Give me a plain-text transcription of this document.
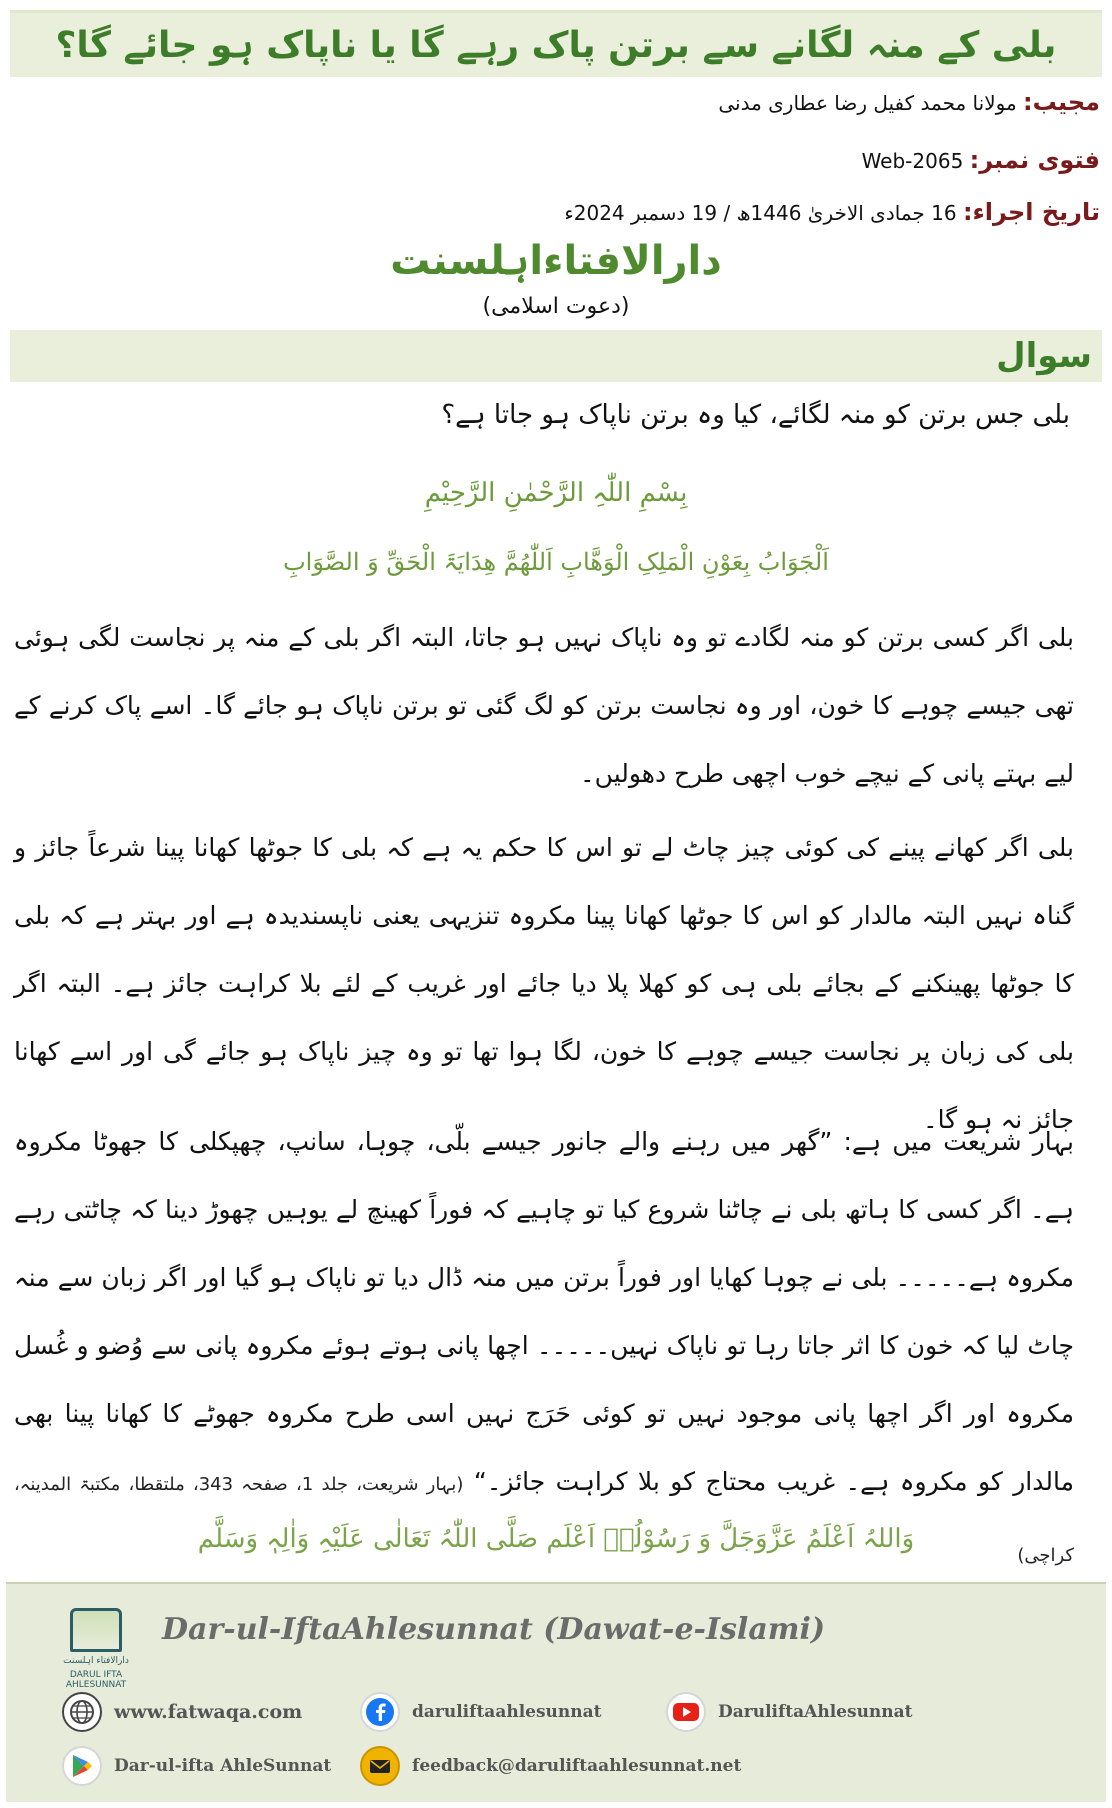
بلی کے منہ لگانے سے برتن پاک رہے گا یا ناپاک ہو جائے گا؟
مجیب: مولانا محمد کفیل رضا عطاری مدنی
فتوی نمبر: Web-2065
تاریخ اجراء: 16 جمادی الاخریٰ 1446ھ / 19 دسمبر 2024ء
دارالافتاءاہلسنت
(دعوت اسلامی)
سوال
بلی جس برتن کو منہ لگائے، کیا وہ برتن ناپاک ہو جاتا ہے؟
بِسْمِ اللّٰہِ الرَّحْمٰنِ الرَّحِیْمِ
اَلْجَوَابُ بِعَوْنِ الْمَلِکِ الْوَھَّابِ اَللّٰھُمَّ ھِدَایَۃَ الْحَقِّ وَ الصَّوَابِ
بلی اگر کسی برتن کو منہ لگادے تو وہ ناپاک نہیں ہو جاتا، البتہ اگر بلی کے منہ پر نجاست لگی ہوئی تھی جیسے چوہے کا خون، اور وہ نجاست برتن کو لگ گئی تو برتن ناپاک ہو جائے گا۔ اسے پاک کرنے کے لیے بہتے پانی کے نیچے خوب اچھی طرح دھولیں۔
بلی اگر کھانے پینے کی کوئی چیز چاٹ لے تو اس کا حکم یہ ہے کہ بلی کا جوٹھا کھانا پینا شرعاً جائز و گناہ نہیں البتہ مالدار کو اس کا جوٹھا کھانا پینا مکروہ تنزیہی یعنی ناپسندیدہ ہے اور بہتر ہے کہ بلی کا جوٹھا پھینکنے کے بجائے بلی ہی کو کھلا پلا دیا جائے اور غریب کے لئے بلا کراہت جائز ہے۔ البتہ اگر بلی کی زبان پر نجاست جیسے چوہے کا خون، لگا ہوا تھا تو وہ چیز ناپاک ہو جائے گی اور اسے کھانا جائز نہ ہو گا۔
بہار شریعت میں ہے: ”گھر میں رہنے والے جانور جیسے بلّی، چوہا، سانپ، چھپکلی کا جھوٹا مکروہ ہے۔ اگر کسی کا ہاتھ بلی نے چاٹنا شروع کیا تو چاہیے کہ فوراً کھینچ لے یوہیں چھوڑ دینا کہ چاٹتی رہے مکروہ ہے۔۔۔۔۔ بلی نے چوہا کھایا اور فوراً برتن میں منہ ڈال دیا تو ناپاک ہو گیا اور اگر زبان سے منہ چاٹ لیا کہ خون کا اثر جاتا رہا تو ناپاک نہیں۔۔۔۔۔ اچھا پانی ہوتے ہوئے مکروہ پانی سے وُضو و غُسل مکروہ اور اگر اچھا پانی موجود نہیں تو کوئی حَرَج نہیں اسی طرح مکروہ جھوٹے کا کھانا پینا بھی مالدار کو مکروہ ہے۔ غریب محتاج کو بلا کراہت جائز۔“ (بہار شریعت، جلد 1، صفحہ 343، ملتقطا، مکتبۃ المدینہ، کراچی)
وَاللہُ اَعْلَمُ عَزَّوَجَلَّ وَ رَسُوْلُہٗ اَعْلَم صَلَّی اللّٰہُ تَعَالٰی عَلَیْہِ وَاٰلِہٖ وَسَلَّم
دارالافتاء اہلسنت
DARUL IFTA AHLESUNNAT
Dar-ul-IftaAhlesunnat (Dawat-e-Islami)
www.fatwaqa.com	daruliftaahlesunnat	DaruliftaAhlesunnat
Dar-ul-ifta AhleSunnat	feedback@daruliftaahlesunnat.net
